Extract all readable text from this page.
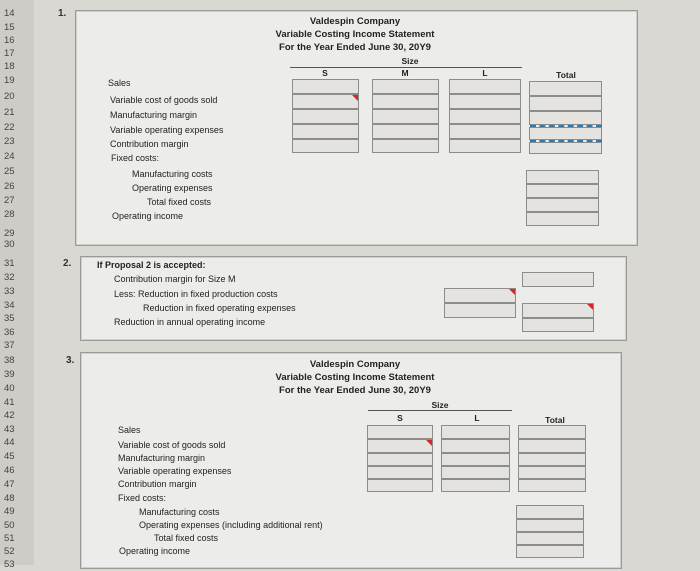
14
15
16
17
18
19
20
21
22
23
24
25
26
27
28
29
30
31
32
33
34
35
36
37
38
39
40
41
42
43
44
45
46
47
48
49
50
51
52
53
1.
Valdespin Company
Variable Costing Income Statement
For the Year Ended June 30, 20Y9
Size
S	M	L	Total
Sales
Variable cost of goods sold
Manufacturing margin
Variable operating expenses
Contribution margin
Fixed costs:
Manufacturing costs
Operating expenses
Total fixed costs
Operating income
2.	If Proposal 2 is accepted:
Contribution margin for Size M
Less: Reduction in fixed production costs
Reduction in fixed operating expenses
Reduction in annual operating income
3.	Valdespin Company
Variable Costing Income Statement
For the Year Ended June 30, 20Y9
Size
S	L	Total
Sales
Variable cost of goods sold
Manufacturing margin
Variable operating expenses
Contribution margin
Fixed costs:
Manufacturing costs
Operating expenses (including additional rent)
Total fixed costs
Operating income
